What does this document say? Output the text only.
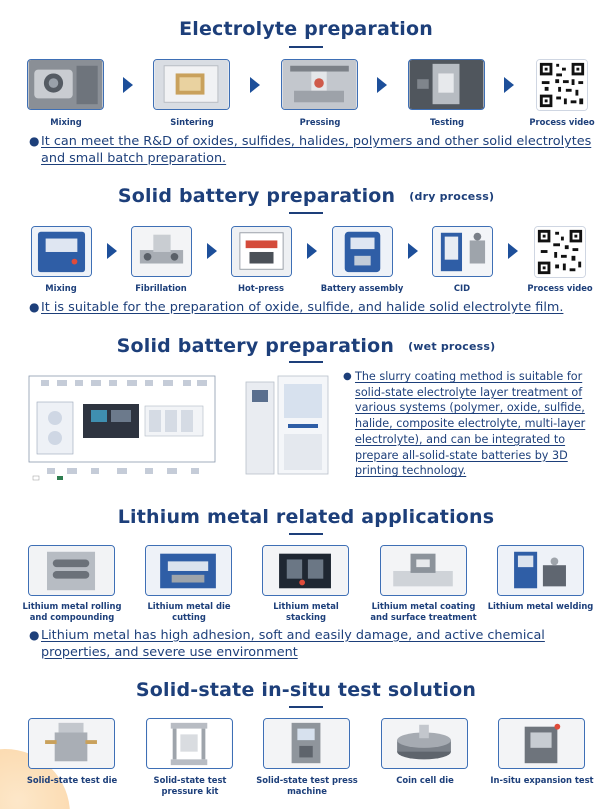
Electrolyte preparation
Mixing	Sintering	Pressing	Testing	Process video
● It can meet the R&D of oxides, sulfides, halides, polymers and other solid electrolytes and small batch preparation.
Solid battery preparation (dry process)
Mixing	Fibrillation	Hot-press	Battery assembly	CID	Process video
● It is suitable for the preparation of oxide, sulfide, and halide solid electrolyte film.
Solid battery preparation (wet process)
● The slurry coating method is suitable for solid-state electrolyte layer treatment of various systems (polymer, oxide, sulfide, halide, composite electrolyte, multi-layer electrolyte), and can be integrated to prepare all-solid-state batteries by 3D printing technology.
Lithium metal related applications
Lithium metal rolling and compounding
Lithium metal die cutting
Lithium metal stacking
Lithium metal coating and surface treatment
Lithium metal welding
● Lithium metal has high adhesion, soft and easily damage, and active chemical properties, and severe use environment
Solid-state in-situ test solution
Solid-state test die	Solid-state test pressure kit
Solid-state test press machine
Coin cell die	In-situ expansion test
